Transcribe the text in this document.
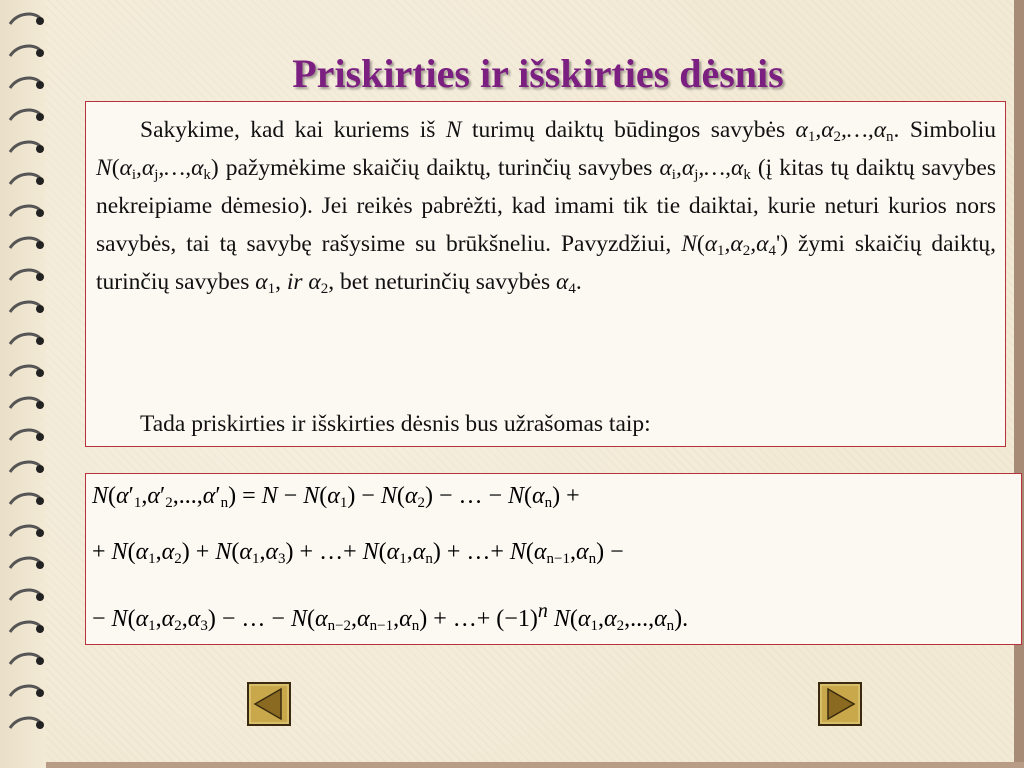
Priskirties ir išskirties dėsnis
Sakykime, kad kai kuriems iš N turimų daiktų būdingos savybės $\alpha_1,\alpha_2,\dots,\alpha_n$. Simboliu $N(\alpha_i,\alpha_j,\dots,\alpha_k)$ pažymėkime skaičių daiktų, turinčių savybes $\alpha_i,\alpha_j,\dots,\alpha_k$ (į kitas tų daiktų savybes nekreipiame dėmesio). Jei reikės pabrėžti, kad imami tik tie daiktai, kurie neturi kurios nors savybės, tai tą savybę rašysime su brūkšneliu. Pavyzdžiui, $N(\alpha_1,\alpha_2,\alpha_4')$ žymi skaičių daiktų, turinčių savybes $\alpha_1$, ir $\alpha_2$, bet neturinčių savybės $\alpha_4$.
Tada priskirties ir išskirties dėsnis bus užrašomas taip:
$N(\alpha'_1,\alpha'_2,...,\alpha'_n) = N - N(\alpha_1) - N(\alpha_2)$ − … − $N(\alpha_n)$ +
+ $N(\alpha_1,\alpha_2) + N(\alpha_1,\alpha_3)$ + …+ $N(\alpha_1,\alpha_n)$ + …+ $N(\alpha_{n-1},\alpha_n)$ −
− $N(\alpha_1,\alpha_2,\alpha_3)$ − … − $N(\alpha_{n-2},\alpha_{n-1},\alpha_n)$ + …+ $(-1)^n$ $N(\alpha_1,\alpha_2,...,\alpha_n)$.
